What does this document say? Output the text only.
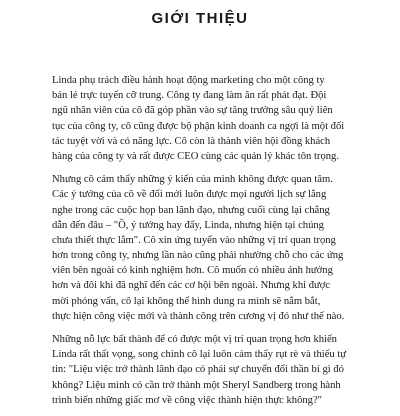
GIỚI THIỆU

Linda phụ trách điều hành hoạt động marketing cho một công ty
bán lẻ trực tuyến cỡ trung. Công ty đang làm ăn rất phát đạt. Đội
ngũ nhân viên của cô đã góp phần vào sự tăng trưởng sâu quý liên
tục của công ty, cô cũng được bộ phận kinh doanh ca ngợi là một đối
tác tuyệt vời và có năng lực. Cô còn là thành viên hội đồng khách
hàng của công ty và rất được CEO cùng các quản lý khác tôn trọng.

Nhưng cô cảm thấy những ý kiến của mình không được quan tâm.
Các ý tưởng của cô về đổi mới luôn được mọi người lịch sự lắng
nghe trong các cuộc họp ban lãnh đạo, nhưng cuối cùng lại chẳng
dẫn đến đâu – "Ồ, ý tưởng hay đấy, Linda, nhưng hiện tại chúng
chưa thiết thực lắm". Cô xin ứng tuyển vào những vị trí quan trọng
hơn trong công ty, nhưng lần nào cũng phải nhường chỗ cho các ứng
viên bên ngoài có kinh nghiệm hơn. Cô muốn có nhiều ảnh hưởng
hơn và đôi khi đã nghĩ đến các cơ hội bên ngoài. Nhưng khi được
mời phỏng vấn, cô lại không thể hình dung ra mình sẽ nắm bắt,
thực hiện công việc mới và thành công trên cương vị đó như thế nào.

Những nỗ lực bất thành để có được một vị trí quan trọng hơn khiến
Linda rất thất vọng, song chính cô lại luôn cảm thấy rụt rè và thiếu tự
tin: "Liệu việc trở thành lãnh đạo có phải sự chuyển đổi thần bí gì đó
không? Liệu mình có cần trở thành một Sheryl Sandberg trong hành
trình biến những giấc mơ về công việc thành hiện thực không?"
